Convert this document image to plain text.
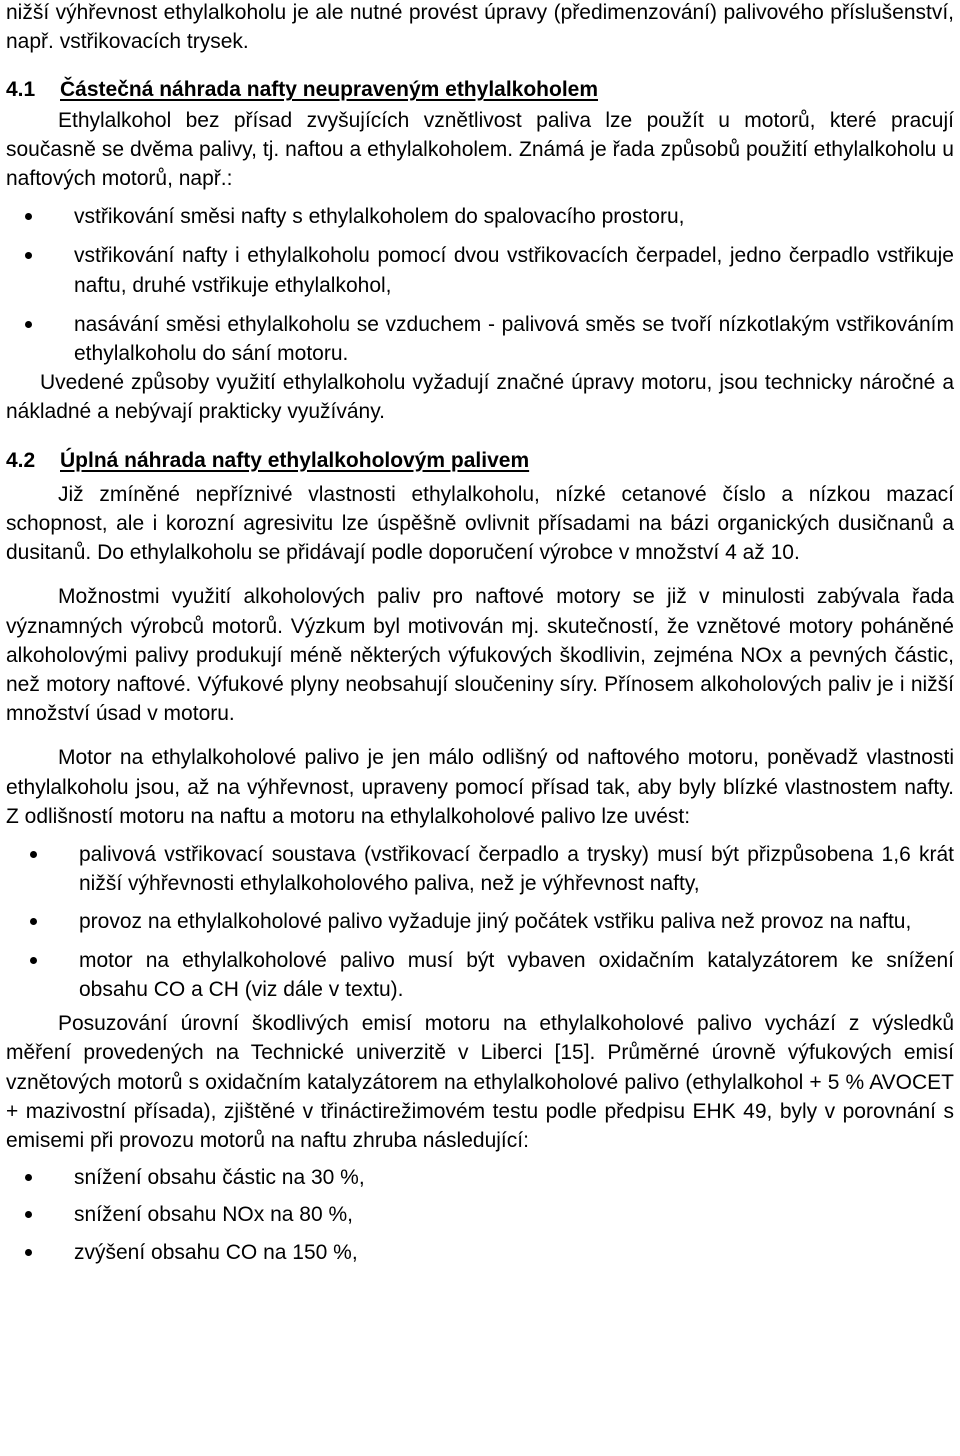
nižší výhřevnost ethylalkoholu je ale nutné provést úpravy (předimenzování) palivového příslušenství, např. vstřikovacích trysek.

4.1 Částečná náhrada nafty neupraveným ethylalkoholem

Ethylalkohol bez přísad zvyšujících vznětlivost paliva lze použít u motorů, které pracují současně se dvěma palivy, tj. naftou a ethylalkoholem. Známá je řada způsobů použití ethylalkoholu u naftových motorů, např.:

vstřikování směsi nafty s ethylalkoholem do spalovacího prostoru,
vstřikování nafty i ethylalkoholu pomocí dvou vstřikovacích čerpadel, jedno čerpadlo vstřikuje naftu, druhé vstřikuje ethylalkohol,
nasávání směsi ethylalkoholu se vzduchem - palivová směs se tvoří nízkotlakým vstřikováním ethylalkoholu do sání motoru.

Uvedené způsoby využití ethylalkoholu vyžadují značné úpravy motoru, jsou technicky náročné a nákladné a nebývají prakticky využívány.

4.2 Úplná náhrada nafty ethylalkoholovým palivem

Již zmíněné nepříznivé vlastnosti ethylalkoholu, nízké cetanové číslo a nízkou mazací schopnost, ale i korozní agresivitu lze úspěšně ovlivnit přísadami na bázi organických dusičnanů a dusitanů. Do ethylalkoholu se přidávají podle doporučení výrobce v množství 4 až 10.

Možnostmi využití alkoholových paliv pro naftové motory se již v minulosti zabývala řada významných výrobců motorů. Výzkum byl motivován mj. skutečností, že vznětové motory poháněné alkoholovými palivy produkují méně některých výfukových škodlivin, zejména NOx a pevných částic, než motory naftové. Výfukové plyny neobsahují sloučeniny síry. Přínosem alkoholových paliv je i nižší množství úsad v motoru.

Motor na ethylalkoholové palivo je jen málo odlišný od naftového motoru, poněvadž vlastnosti ethylalkoholu jsou, až na výhřevnost, upraveny pomocí přísad tak, aby byly blízké vlastnostem nafty. Z odlišností motoru na naftu a motoru na ethylalkoholové palivo lze uvést:

palivová vstřikovací soustava (vstřikovací čerpadlo a trysky) musí být přizpůsobena 1,6 krát nižší výhřevnosti ethylalkoholového paliva, než je výhřevnost nafty,
provoz na ethylalkoholové palivo vyžaduje jiný počátek vstřiku paliva než provoz na naftu,
motor na ethylalkoholové palivo musí být vybaven oxidačním katalyzátorem ke snížení obsahu CO a CH (viz dále v textu).

Posuzování úrovní škodlivých emisí motoru na ethylalkoholové palivo vychází z výsledků měření provedených na Technické univerzitě v Liberci [15]. Průměrné úrovně výfukových emisí vznětových motorů s oxidačním katalyzátorem na ethylalkoholové palivo (ethylalkohol + 5 % AVOCET + mazivostní přísada), zjištěné v třináctirežimovém testu podle předpisu EHK 49, byly v porovnání s emisemi při provozu motorů na naftu zhruba následující:

snížení obsahu částic na 30 %,
snížení obsahu NOx na 80 %,
zvýšení obsahu CO na 150 %,
